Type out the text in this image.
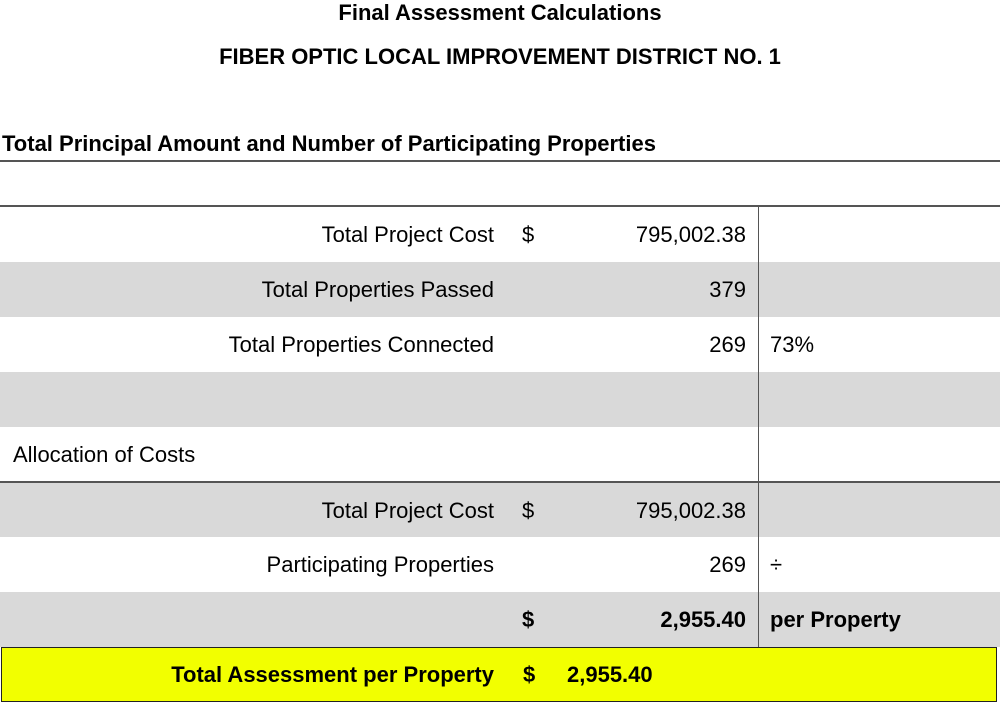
Final Assessment Calculations
FIBER OPTIC LOCAL IMPROVEMENT DISTRICT NO. 1
Total Principal Amount and Number of Participating Properties
Total Project Cost $	795,002.38
Total Properties Passed	379
Total Properties Connected	269 73%
Allocation of Costs
Total Project Cost $	795,002.38
Participating Properties	269 ÷
$	2,955.40 per Property
Total Assessment per Property $ 2,955.40
